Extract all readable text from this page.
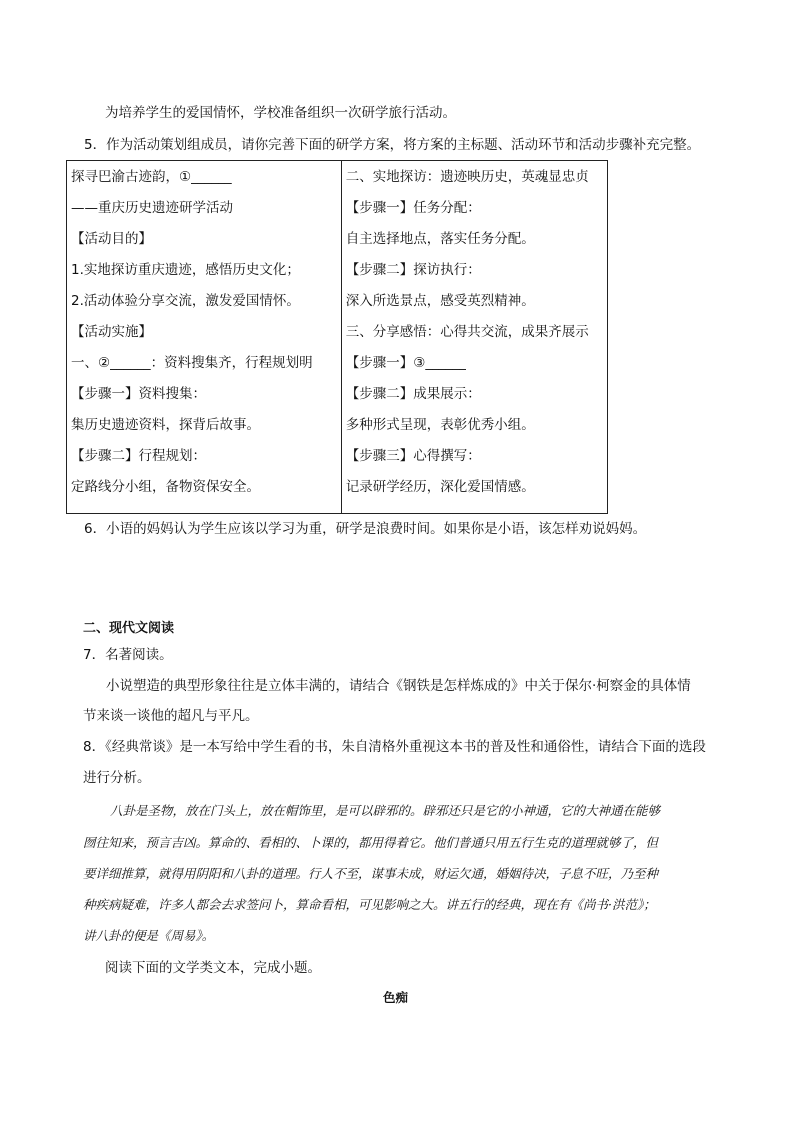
为培养学生的爱国情怀，学校准备组织一次研学旅行活动。
5．作为活动策划组成员，请你完善下面的研学方案，将方案的主标题、活动环节和活动步骤补充完整。
探寻巴渝古迹韵，①______
——重庆历史遗迹研学活动
【活动目的】
1.实地探访重庆遗迹，感悟历史文化；
2.活动体验分享交流，激发爱国情怀。
【活动实施】
一、②______：资料搜集齐，行程规划明
【步骤一】资料搜集：
集历史遗迹资料，探背后故事。
【步骤二】行程规划：
定路线分小组，备物资保安全。

二、实地探访：遗迹映历史，英魂显忠贞
【步骤一】任务分配：
自主选择地点，落实任务分配。
【步骤二】探访执行：
深入所选景点，感受英烈精神。
三、分享感悟：心得共交流，成果齐展示
【步骤一】③______
【步骤二】成果展示：
多种形式呈现，表彰优秀小组。
【步骤三】心得撰写：
记录研学经历，深化爱国情感。
6．小语的妈妈认为学生应该以学习为重，研学是浪费时间。如果你是小语，该怎样劝说妈妈。
二、现代文阅读
7．名著阅读。
小说塑造的典型形象往往是立体丰满的，请结合《钢铁是怎样炼成的》中关于保尔·柯察金的具体情
节来谈一谈他的超凡与平凡。
8．《经典常谈》是一本写给中学生看的书，朱自清格外重视这本书的普及性和通俗性，请结合下面的选段
进行分析。
八卦是圣物，放在门头上，放在帽饰里，是可以辟邪的。辟邪还只是它的小神通，它的大神通在能够
囫往知来，预言吉凶。算命的、看相的、卜课的，都用得着它。他们普通只用五行生克的道理就够了，但
要详细推算，就得用阴阳和八卦的道理。行人不至，谋事未成，财运欠通，婚姻待决，子息不旺，乃至种
种疾病疑难，许多人都会去求签问卜，算命看相，可见影响之大。讲五行的经典，现在有《尚书·洪范》；
讲八卦的便是《周易》。
阅读下面的文学类文本，完成小题。
色痴
